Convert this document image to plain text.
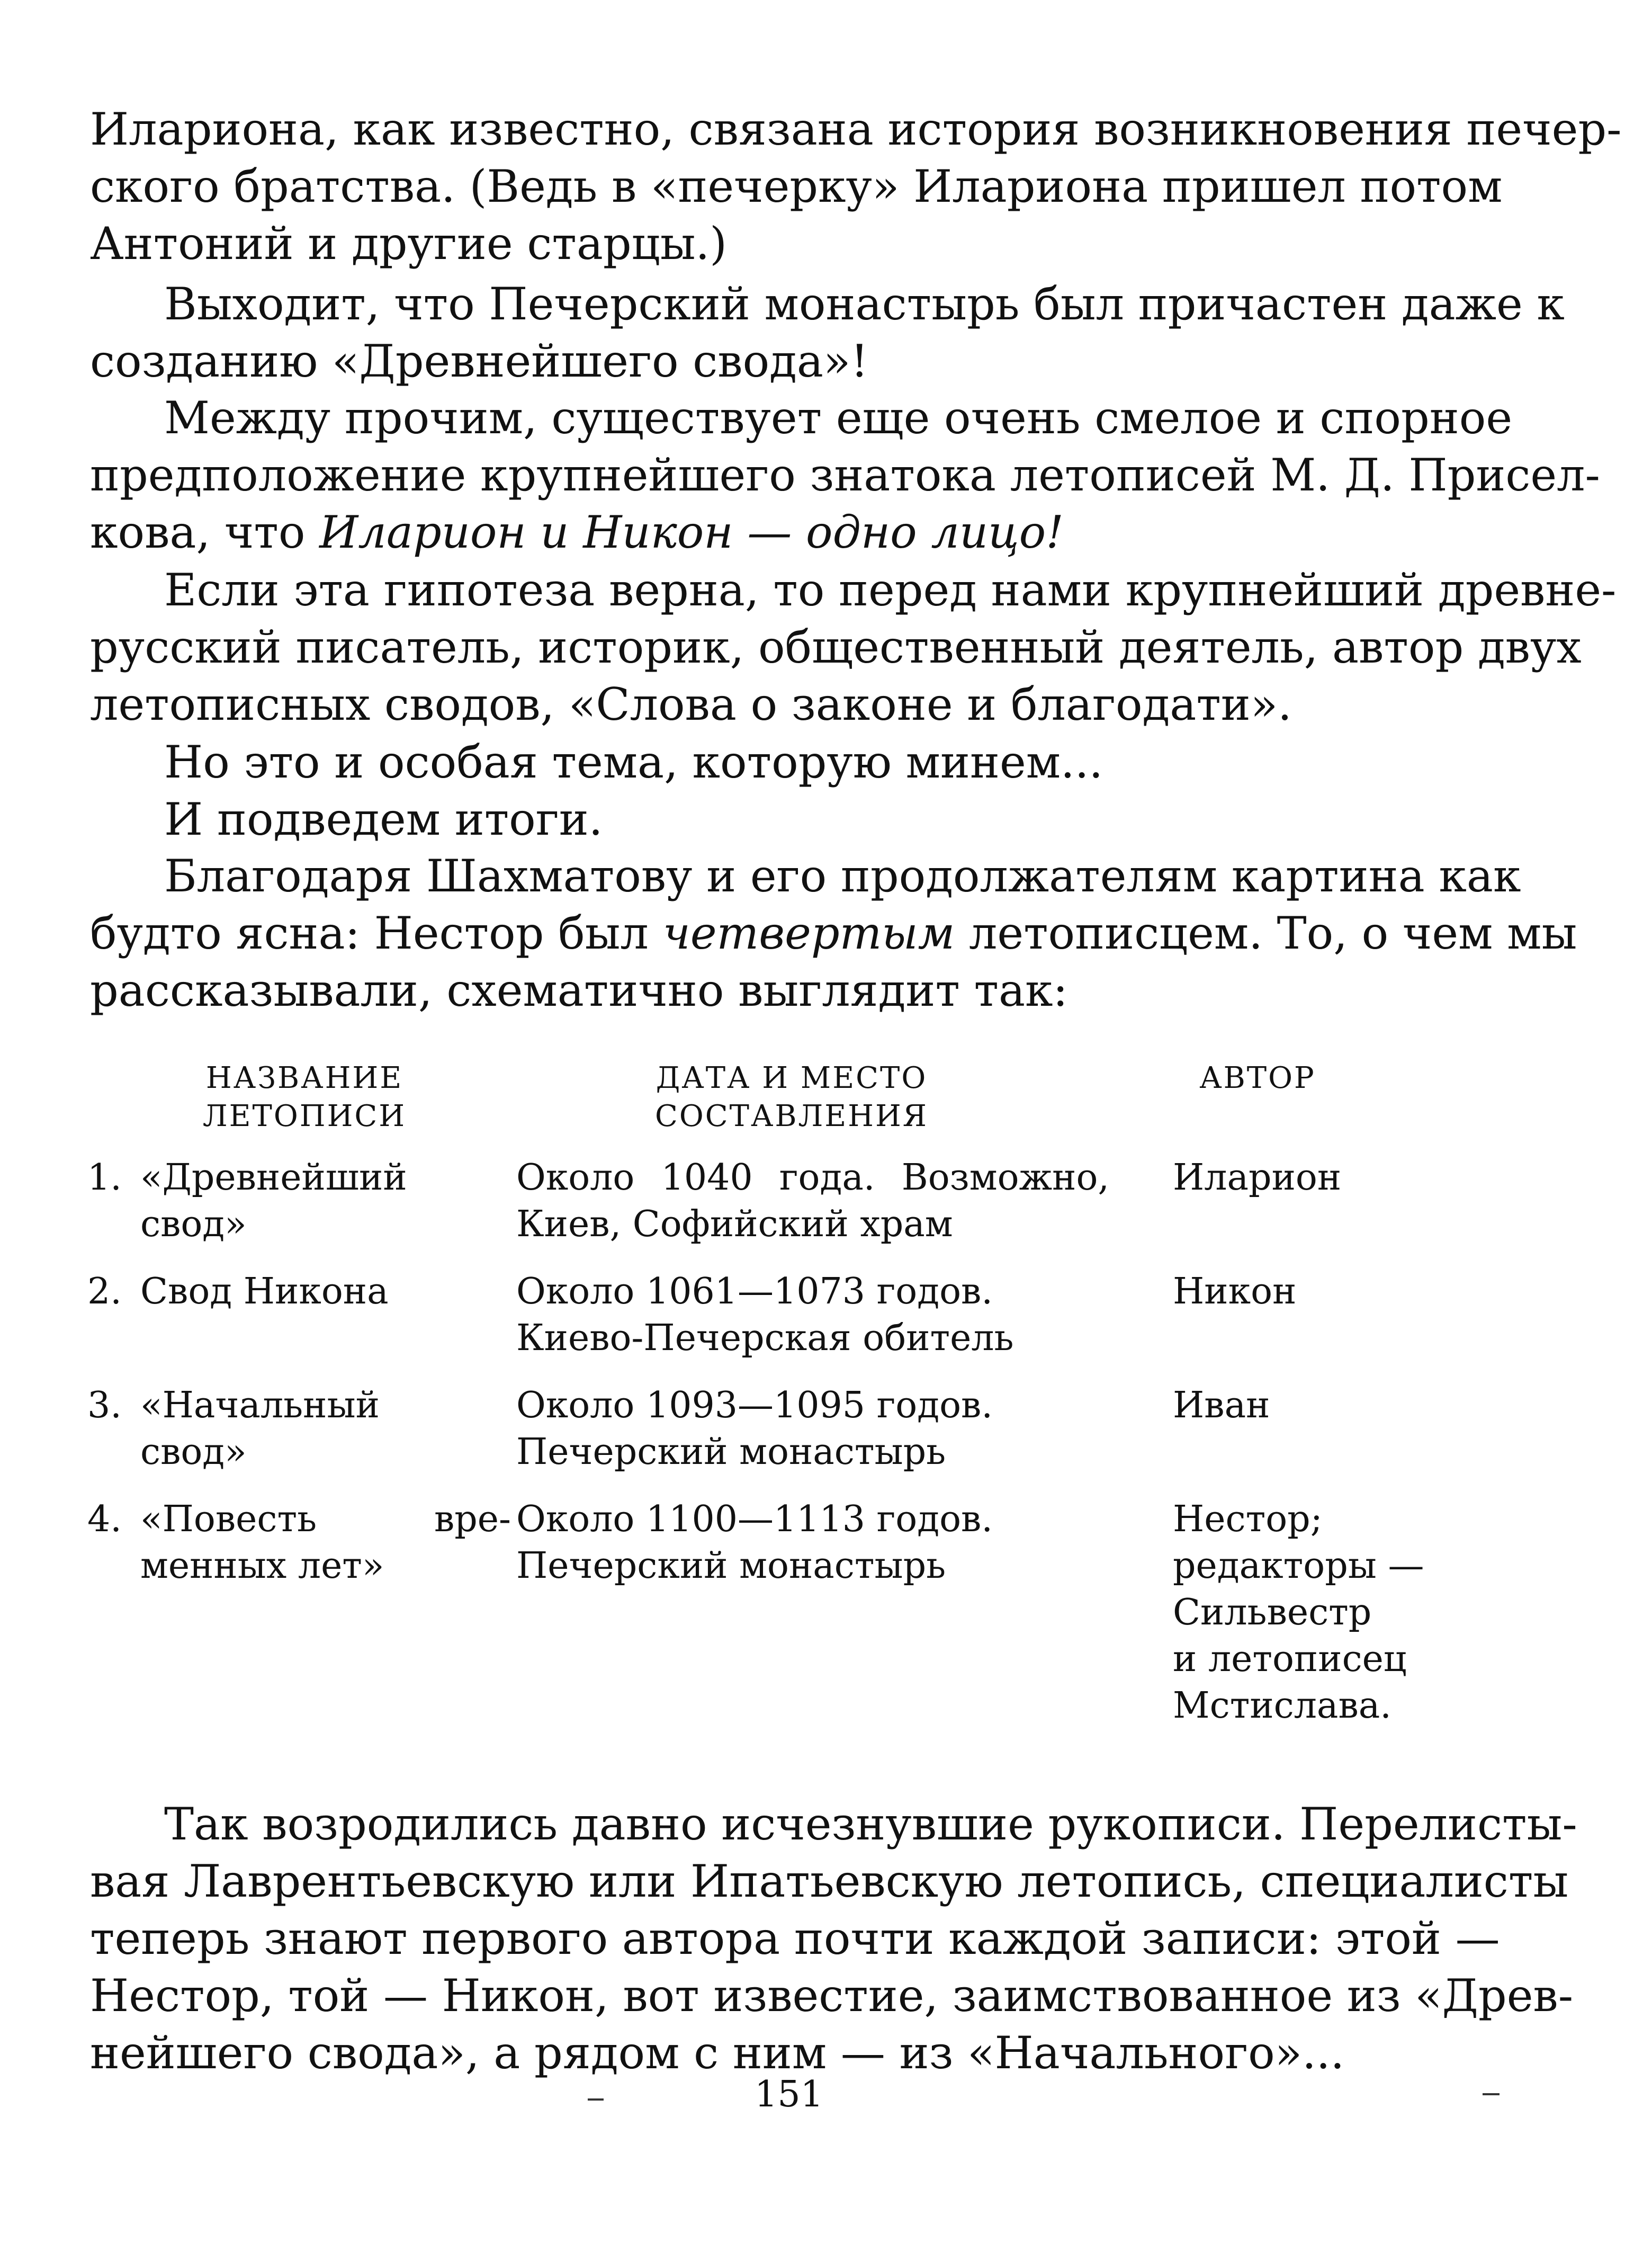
Илариона, как известно, связана история возникновения печер-
ского братства. (Ведь в «печерку» Илариона пришел потом
Антоний и другие старцы.)
Выходит, что Печерский монастырь был причастен даже к
созданию «Древнейшего свода»!
Между прочим, существует еще очень смелое и спорное
предположение крупнейшего знатока летописей М. Д. Присел-
кова, что Иларион и Никон — одно лицо!
Если эта гипотеза верна, то перед нами крупнейший древне-
русский писатель, историк, общественный деятель, автор двух
летописных сводов, «Слова о законе и благодати».
Но это и особая тема, которую минем...
И подведем итоги.
Благодаря Шахматову и его продолжателям картина как
будто ясна: Нестор был четвертым летописцем. То, о чем мы
рассказывали, схематично выглядит так:
НАЗВАНИЕ
ЛЕТОПИСИ
ДАТА И МЕСТО
СОСТАВЛЕНИЯ
АВТОР
1. «Древнейший
свод»
Около 1040 года. Возможно,
Киев, Софийский храм
Иларион
2. Свод Никона	Около 1061—1073 годов.
Киево-Печерская обитель
Никон
3. «Начальный
свод»
Около 1093—1095 годов.
Печерский монастырь
Иван
4. «Повесть вре-
менных лет»
Около 1100—1113 годов.
Печерский монастырь
Нестор;
редакторы —
Сильвестр
и летописец
Мстислава.
Так возродились давно исчезнувшие рукописи. Перелисты-
вая Лаврентьевскую или Ипатьевскую летопись, специалисты
теперь знают первого автора почти каждой записи: этой —
Нестор, той — Никон, вот известие, заимствованное из «Древ-
нейшего свода», а рядом с ним — из «Начального»...
151
